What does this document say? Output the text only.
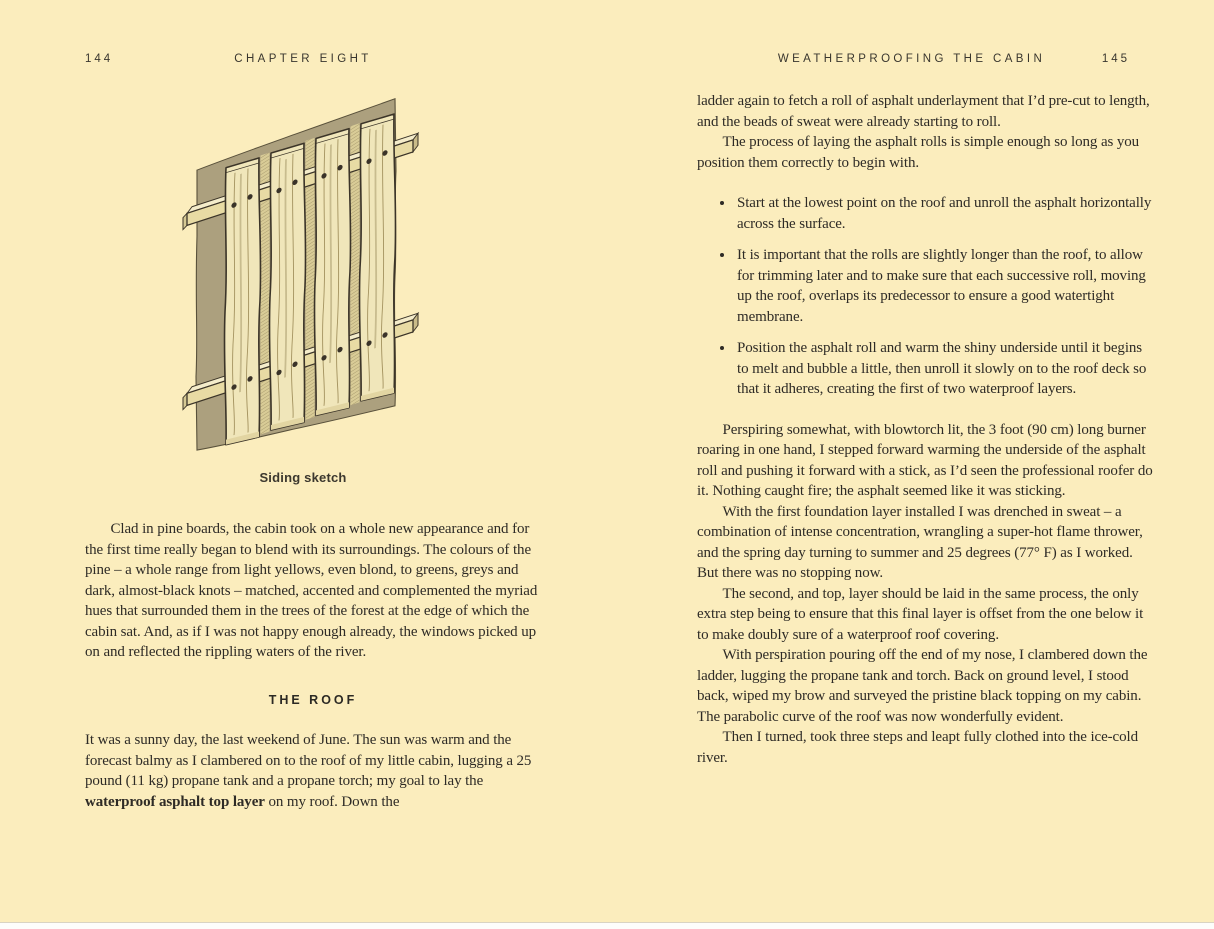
144	CHAPTER EIGHT
Siding sketch

Clad in pine boards, the cabin took on a whole new appearance and for the first time really began to blend with its surroundings. The colours of the pine – a whole range from light yellows, even blond, to greens, greys and dark, almost-black knots – matched, accented and complemented the myriad hues that surrounded them in the trees of the forest at the edge of which the cabin sat. And, as if I was not happy enough already, the windows picked up on and reflected the rippling waters of the river.

THE ROOF

It was a sunny day, the last weekend of June. The sun was warm and the forecast balmy as I clambered on to the roof of my little cabin, lugging a 25 pound (11 kg) propane tank and a propane torch; my goal to lay the waterproof asphalt top layer on my roof. Down the

WEATHERPROOFING THE CABIN	145

ladder again to fetch a roll of asphalt underlayment that I’d pre-cut to length, and the beads of sweat were already starting to roll.

The process of laying the asphalt rolls is simple enough so long as you position them correctly to begin with.

• Start at the lowest point on the roof and unroll the asphalt horizontally across the surface.
• It is important that the rolls are slightly longer than the roof, to allow for trimming later and to make sure that each successive roll, moving up the roof, overlaps its predecessor to ensure a good watertight membrane.
• Position the asphalt roll and warm the shiny underside until it begins to melt and bubble a little, then unroll it slowly on to the roof deck so that it adheres, creating the first of two waterproof layers.

Perspiring somewhat, with blowtorch lit, the 3 foot (90 cm) long burner roaring in one hand, I stepped forward warming the underside of the asphalt roll and pushing it forward with a stick, as I’d seen the professional roofer do it. Nothing caught fire; the asphalt seemed like it was sticking.

With the first foundation layer installed I was drenched in sweat – a combination of intense concentration, wrangling a super-hot flame thrower, and the spring day turning to summer and 25 degrees (77° F) as I worked. But there was no stopping now.

The second, and top, layer should be laid in the same process, the only extra step being to ensure that this final layer is offset from the one below it to make doubly sure of a waterproof roof covering.

With perspiration pouring off the end of my nose, I clambered down the ladder, lugging the propane tank and torch. Back on ground level, I stood back, wiped my brow and surveyed the pristine black topping on my cabin. The parabolic curve of the roof was now wonderfully evident.

Then I turned, took three steps and leapt fully clothed into the ice-cold river.
